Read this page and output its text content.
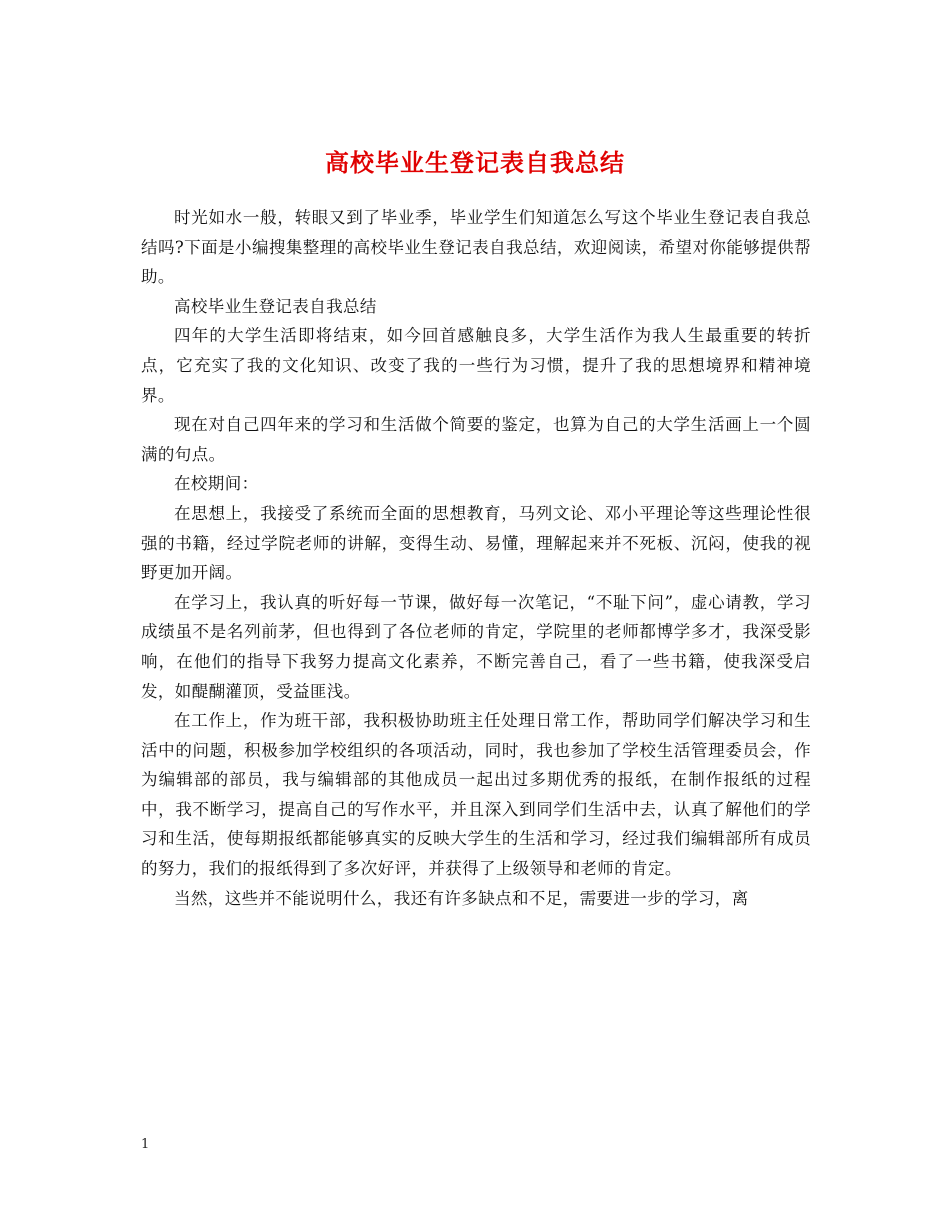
高校毕业生登记表自我总结

时光如水一般，转眼又到了毕业季，毕业学生们知道怎么写这个毕业生登记表自我总结吗?下面是小编搜集整理的高校毕业生登记表自我总结，欢迎阅读，希望对你能够提供帮助。

高校毕业生登记表自我总结

四年的大学生活即将结束，如今回首感触良多，大学生活作为我人生最重要的转折点，它充实了我的文化知识、改变了我的一些行为习惯，提升了我的思想境界和精神境界。

现在对自己四年来的学习和生活做个简要的鉴定，也算为自己的大学生活画上一个圆满的句点。

在校期间：

在思想上，我接受了系统而全面的思想教育，马列文论、邓小平理论等这些理论性很强的书籍，经过学院老师的讲解，变得生动、易懂，理解起来并不死板、沉闷，使我的视野更加开阔。

在学习上，我认真的听好每一节课，做好每一次笔记，“不耻下问”，虚心请教，学习成绩虽不是名列前茅，但也得到了各位老师的肯定，学院里的老师都博学多才，我深受影响，在他们的指导下我努力提高文化素养，不断完善自己，看了一些书籍，使我深受启发，如醍醐灌顶，受益匪浅。

在工作上，作为班干部，我积极协助班主任处理日常工作，帮助同学们解决学习和生活中的问题，积极参加学校组织的各项活动，同时，我也参加了学校生活管理委员会，作为编辑部的部员，我与编辑部的其他成员一起出过多期优秀的报纸，在制作报纸的过程中，我不断学习，提高自己的写作水平，并且深入到同学们生活中去，认真了解他们的学习和生活，使每期报纸都能够真实的反映大学生的生活和学习，经过我们编辑部所有成员的努力，我们的报纸得到了多次好评，并获得了上级领导和老师的肯定。

当然，这些并不能说明什么，我还有许多缺点和不足，需要进一步的学习，离

1
